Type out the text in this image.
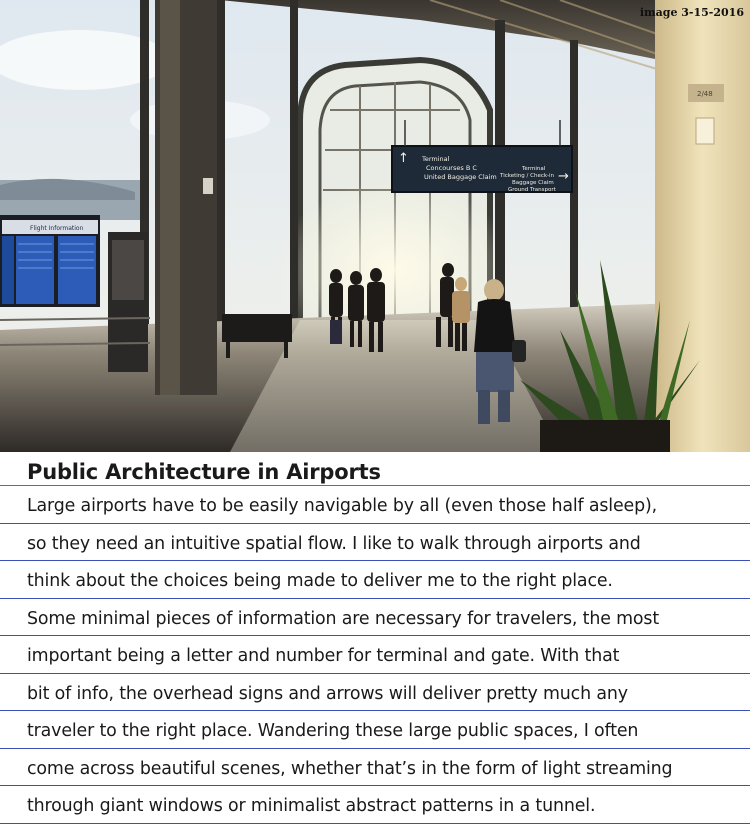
Flight Information
↑ Terminal
Concourses B C
United Baggage Claim
Terminal
Ticketing / Check-in
Baggage Claim
Ground Transport
→
2/48
image 3-15-2016
Public Architecture in Airports

Large airports have to be easily navigable by all (even those half asleep),

so they need an intuitive spatial flow. I like to walk through airports and

think about the choices being made to deliver me to the right place.

Some minimal pieces of information are necessary for travelers, the most

important being a letter and number for terminal and gate. With that

bit of info, the overhead signs and arrows will deliver pretty much any

traveler to the right place. Wandering these large public spaces, I often

come across beautiful scenes, whether that’s in the form of light streaming

through giant windows or minimalist abstract patterns in a tunnel.
